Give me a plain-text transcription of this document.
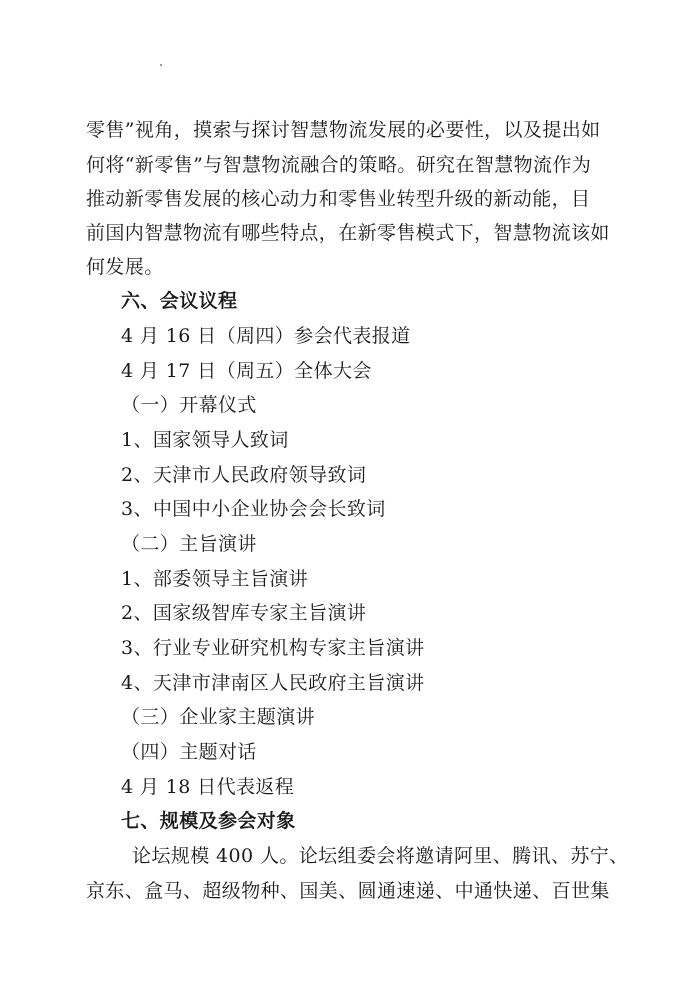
零售”视角，摸索与探讨智慧物流发展的必要性，以及提出如
何将“新零售”与智慧物流融合的策略。研究在智慧物流作为
推动新零售发展的核心动力和零售业转型升级的新动能，目
前国内智慧物流有哪些特点，在新零售模式下，智慧物流该如
何发展。
六、会议议程
4 月 16 日（周四）参会代表报道
4 月 17 日（周五）全体大会
（一）开幕仪式
1、国家领导人致词
2、天津市人民政府领导致词
3、中国中小企业协会会长致词
（二）主旨演讲
1、部委领导主旨演讲
2、国家级智库专家主旨演讲
3、行业专业研究机构专家主旨演讲
4、天津市津南区人民政府主旨演讲
（三）企业家主题演讲
（四）主题对话
4 月 18 日代表返程
七、规模及参会对象
论坛规模 400 人。论坛组委会将邀请阿里、腾讯、苏宁、
京东、盒马、超级物种、国美、圆通速递、中通快递、百世集
